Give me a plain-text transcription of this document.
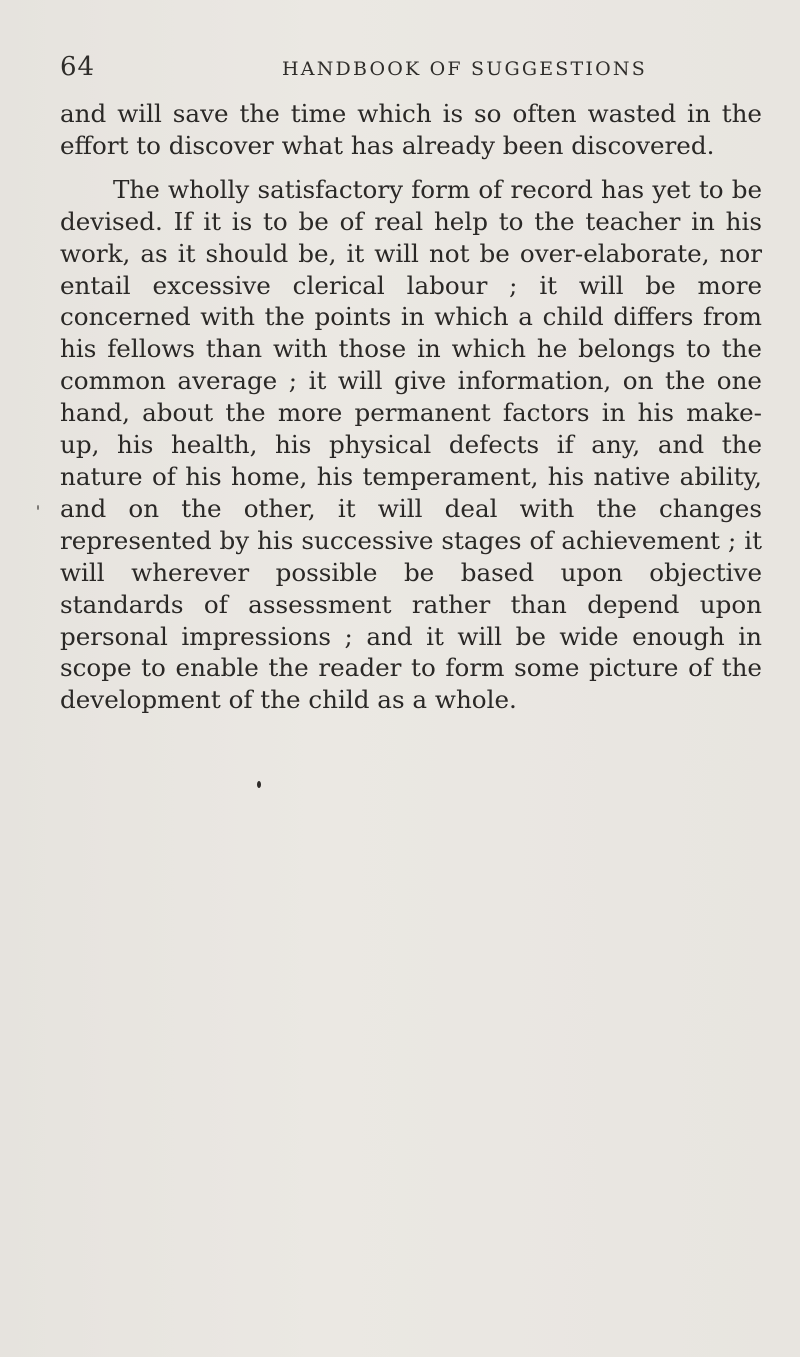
64	HANDBOOK OF SUGGESTIONS

and will save the time which is so often wasted in the effort to discover what has already been discovered.

The wholly satisfactory form of record has yet to be devised. If it is to be of real help to the teacher in his work, as it should be, it will not be over-elaborate, nor entail excessive clerical labour ; it will be more concerned with the points in which a child differs from his fellows than with those in which he belongs to the common average ; it will give information, on the one hand, about the more permanent factors in his make-up, his health, his physical defects if any, and the nature of his home, his temperament, his native ability, and on the other, it will deal with the changes represented by his successive stages of achievement ; it will wherever possible be based upon objective standards of assessment rather than depend upon personal impressions ; and it will be wide enough in scope to enable the reader to form some picture of the development of the child as a whole.
